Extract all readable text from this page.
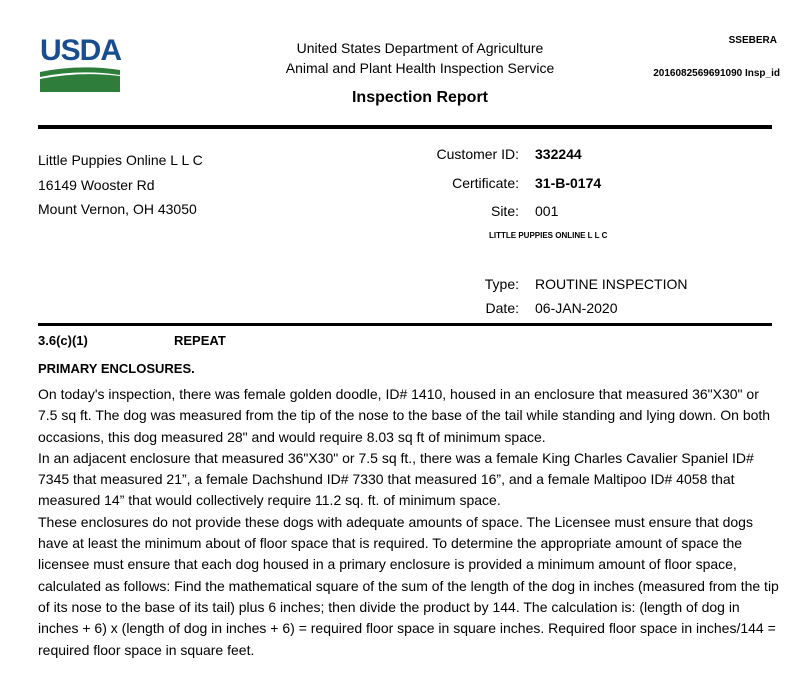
USDA	United States Department of Agriculture
Animal and Plant Health Inspection Service
Inspection Report
SSEBERA
2016082569691090 Insp_id
Little Puppies Online L L C
16149 Wooster Rd
Mount Vernon, OH 43050
Customer ID: 332244
Certificate: 31-B-0174
Site: 001
LITTLE PUPPIES ONLINE L L C
Type: ROUTINE INSPECTION
Date: 06-JAN-2020
3.6(c)(1)	REPEAT
PRIMARY ENCLOSURES.

On today's inspection, there was female golden doodle, ID# 1410, housed in an enclosure that measured 36"X30" or 7.5 sq ft. The dog was measured from the tip of the nose to the base of the tail while standing and lying down. On both occasions, this dog measured 28" and would require 8.03 sq ft of minimum space.

In an adjacent enclosure that measured 36"X30" or 7.5 sq ft., there was a female King Charles Cavalier Spaniel ID# 7345 that measured 21”, a female Dachshund ID# 7330 that measured 16”, and a female Maltipoo ID# 4058 that measured 14” that would collectively require 11.2 sq. ft. of minimum space.

These enclosures do not provide these dogs with adequate amounts of space. The Licensee must ensure that dogs have at least the minimum about of floor space that is required. To determine the appropriate amount of space the licensee must ensure that each dog housed in a primary enclosure is provided a minimum amount of floor space, calculated as follows: Find the mathematical square of the sum of the length of the dog in inches (measured from the tip of its nose to the base of its tail) plus 6 inches; then divide the product by 144. The calculation is: (length of dog in inches + 6) x (length of dog in inches + 6) = required floor space in square inches. Required floor space in inches/144 = required floor space in square feet.
